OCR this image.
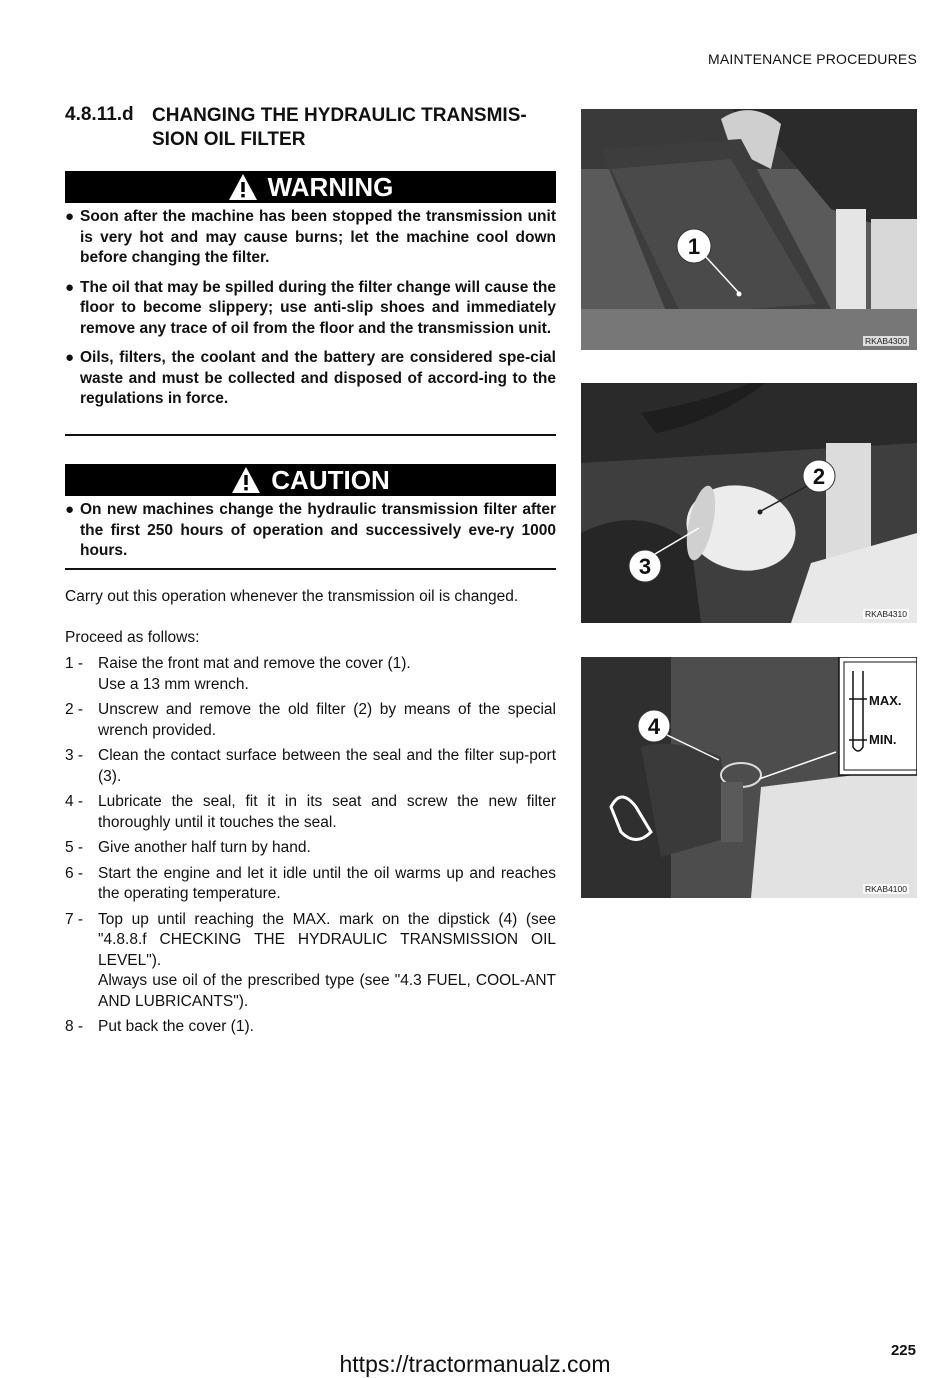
MAINTENANCE PROCEDURES
4.8.11.d CHANGING THE HYDRAULIC TRANSMIS-SION OIL FILTER
WARNING
● Soon after the machine has been stopped the transmission unit is very hot and may cause burns; let the machine cool down before changing the filter.
● The oil that may be spilled during the filter change will cause the floor to become slippery; use anti-slip shoes and immediately remove any trace of oil from the floor and the transmission unit.
● Oils, filters, the coolant and the battery are considered spe-cial waste and must be collected and disposed of accord-ing to the regulations in force.
CAUTION
● On new machines change the hydraulic transmission filter after the first 250 hours of operation and successively eve-ry 1000 hours.
Carry out this operation whenever the transmission oil is changed.
Proceed as follows:
1 - Raise the front mat and remove the cover (1).
Use a 13 mm wrench.
2 - Unscrew and remove the old filter (2) by means of the special wrench provided.
3 - Clean the contact surface between the seal and the filter sup-port (3).
4 - Lubricate the seal, fit it in its seat and screw the new filter thoroughly until it touches the seal.
5 - Give another half turn by hand.
6 - Start the engine and let it idle until the oil warms up and reaches the operating temperature.
7 - Top up until reaching the MAX. mark on the dipstick (4) (see "4.8.8.f CHECKING THE HYDRAULIC TRANSMISSION OIL LEVEL").
Always use oil of the prescribed type (see "4.3 FUEL, COOL-ANT AND LUBRICANTS").
8 - Put back the cover (1).
1
RKAB4300
2
3
RKAB4310
4
MAX.
MIN.
RKAB4100
225
https://tractormanualz.com
